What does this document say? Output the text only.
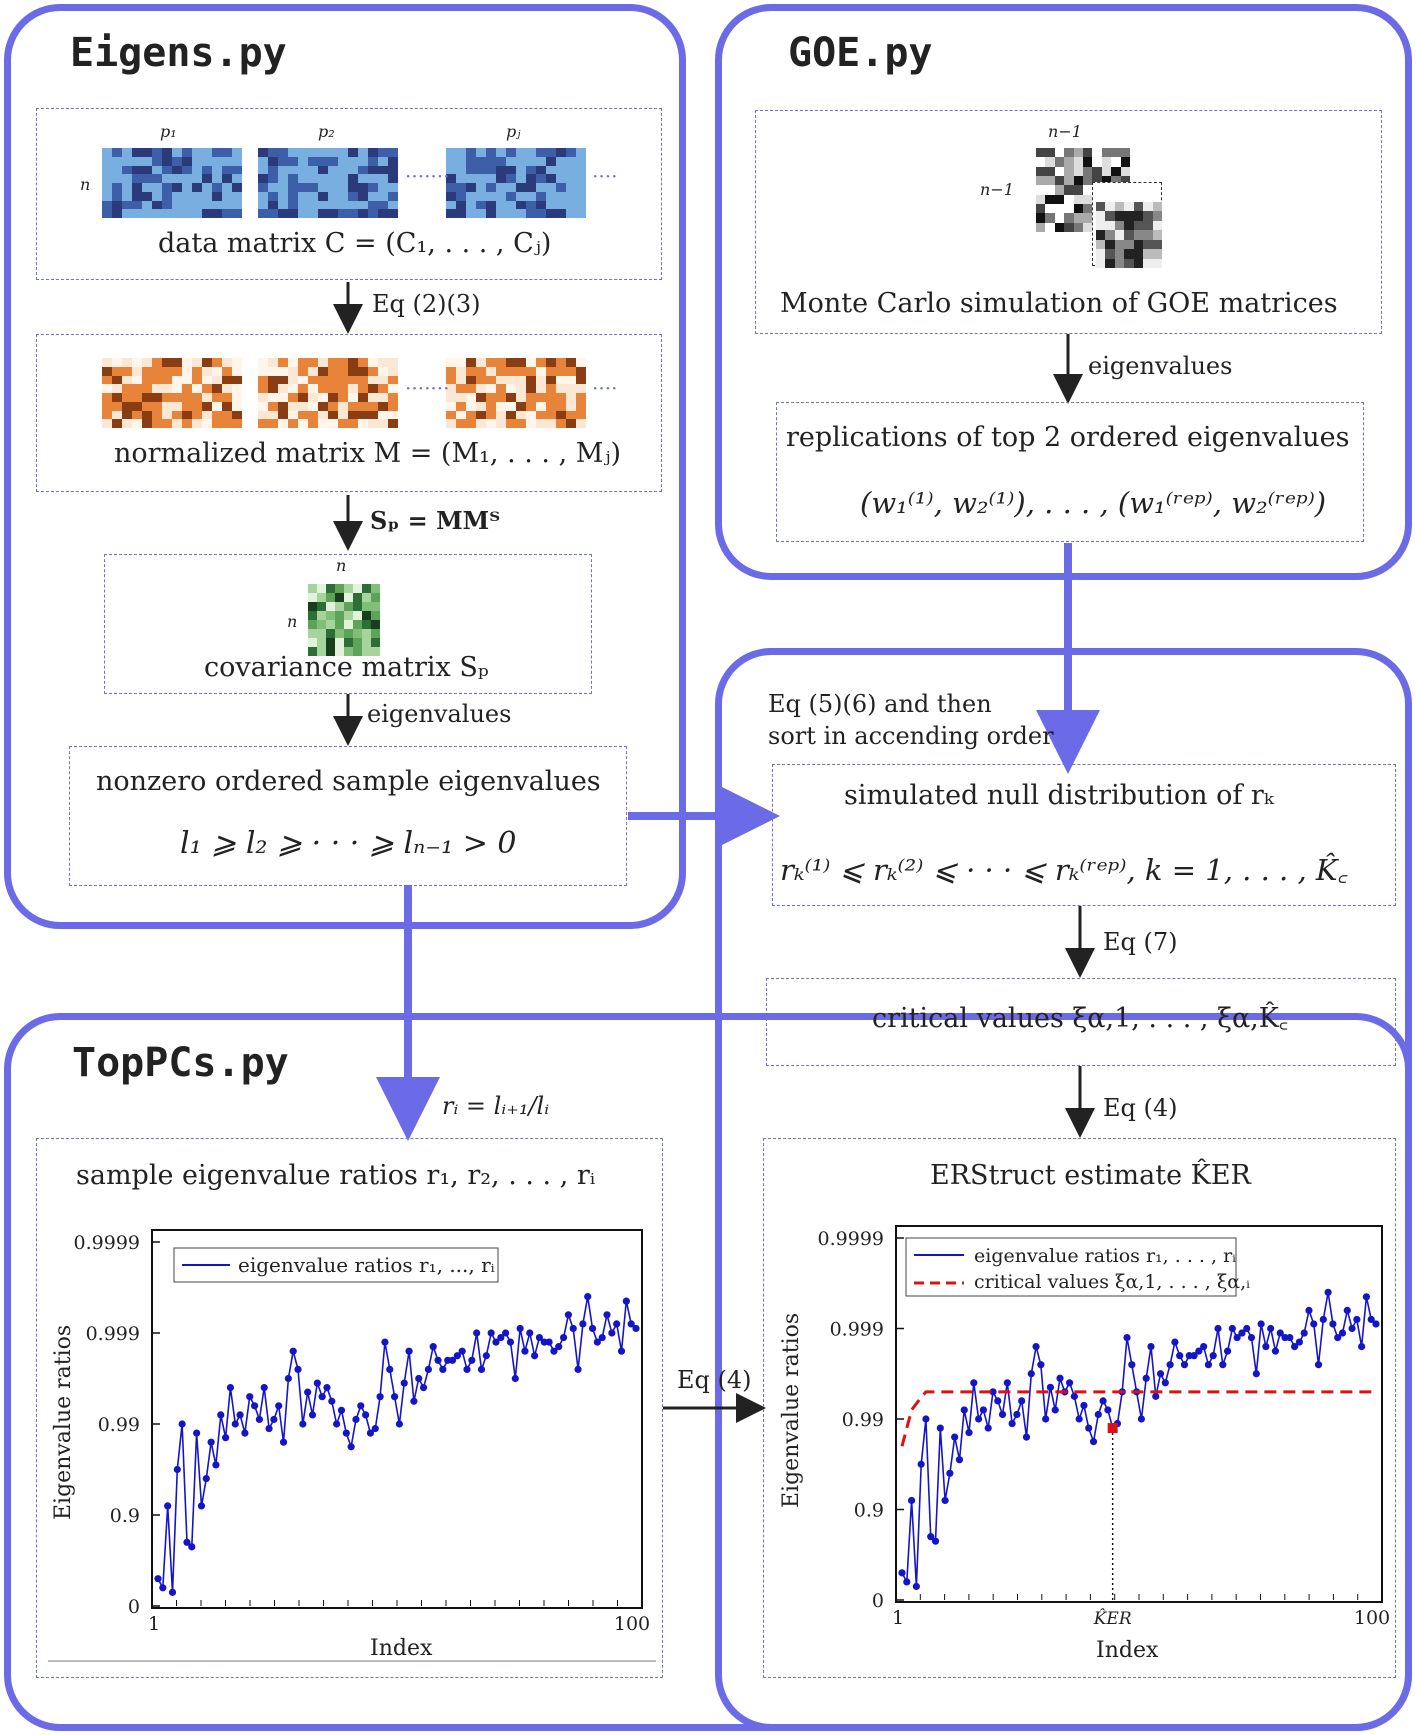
Eigens.py	GOE.py
TopPCs.py
p₁	p₂	pⱼ
n	·······	····
data matrix C = (C₁, . . . , Cⱼ)
Eq (2)(3)
·······	····
normalized matrix M = (M₁, . . . , Mⱼ)
Sₚ = MMᵀ
n
n
covariance matrix Sₚ
eigenvalues
nonzero ordered sample eigenvalues
l₁ ⩾ l₂ ⩾ · · · ⩾ lₙ₋₁ > 0
n−1
n−1
Monte Carlo simulation of GOE matrices
eigenvalues
replications of top 2 ordered eigenvalues
(w₁⁽¹⁾, w₂⁽¹⁾), . . . , (w₁⁽ʳᵉᵖ⁾, w₂⁽ʳᵉᵖ⁾)
Eq (5)(6) and then
sort in accending order
simulated null distribution of rₖ
rₖ⁽¹⁾ ⩽ rₖ⁽²⁾ ⩽ · · · ⩽ rₖ⁽ʳᵉᵖ⁾, k = 1, . . . , K̂꜀
Eq (7)
critical values ξα,1, . . . , ξα,K̂꜀
Eq (4)
ERStruct estimate K̂ER
rᵢ = lᵢ₊₁/lᵢ
sample eigenvalue ratios r₁, r₂, . . . , rᵢ
Eq (4)
0.9999
0.999
0.99
0.9
0
1	100
eigenvalue ratios r₁, ..., rᵢ
Eigenvalue ratios
Index
0.9999
0.999
0.99
0.9
0
1	100
K̂ER
eigenvalue ratios r₁, . . . , rᵢ
critical values ξα,1, . . . , ξα,ᵢ
Eigenvalue ratios
Index
